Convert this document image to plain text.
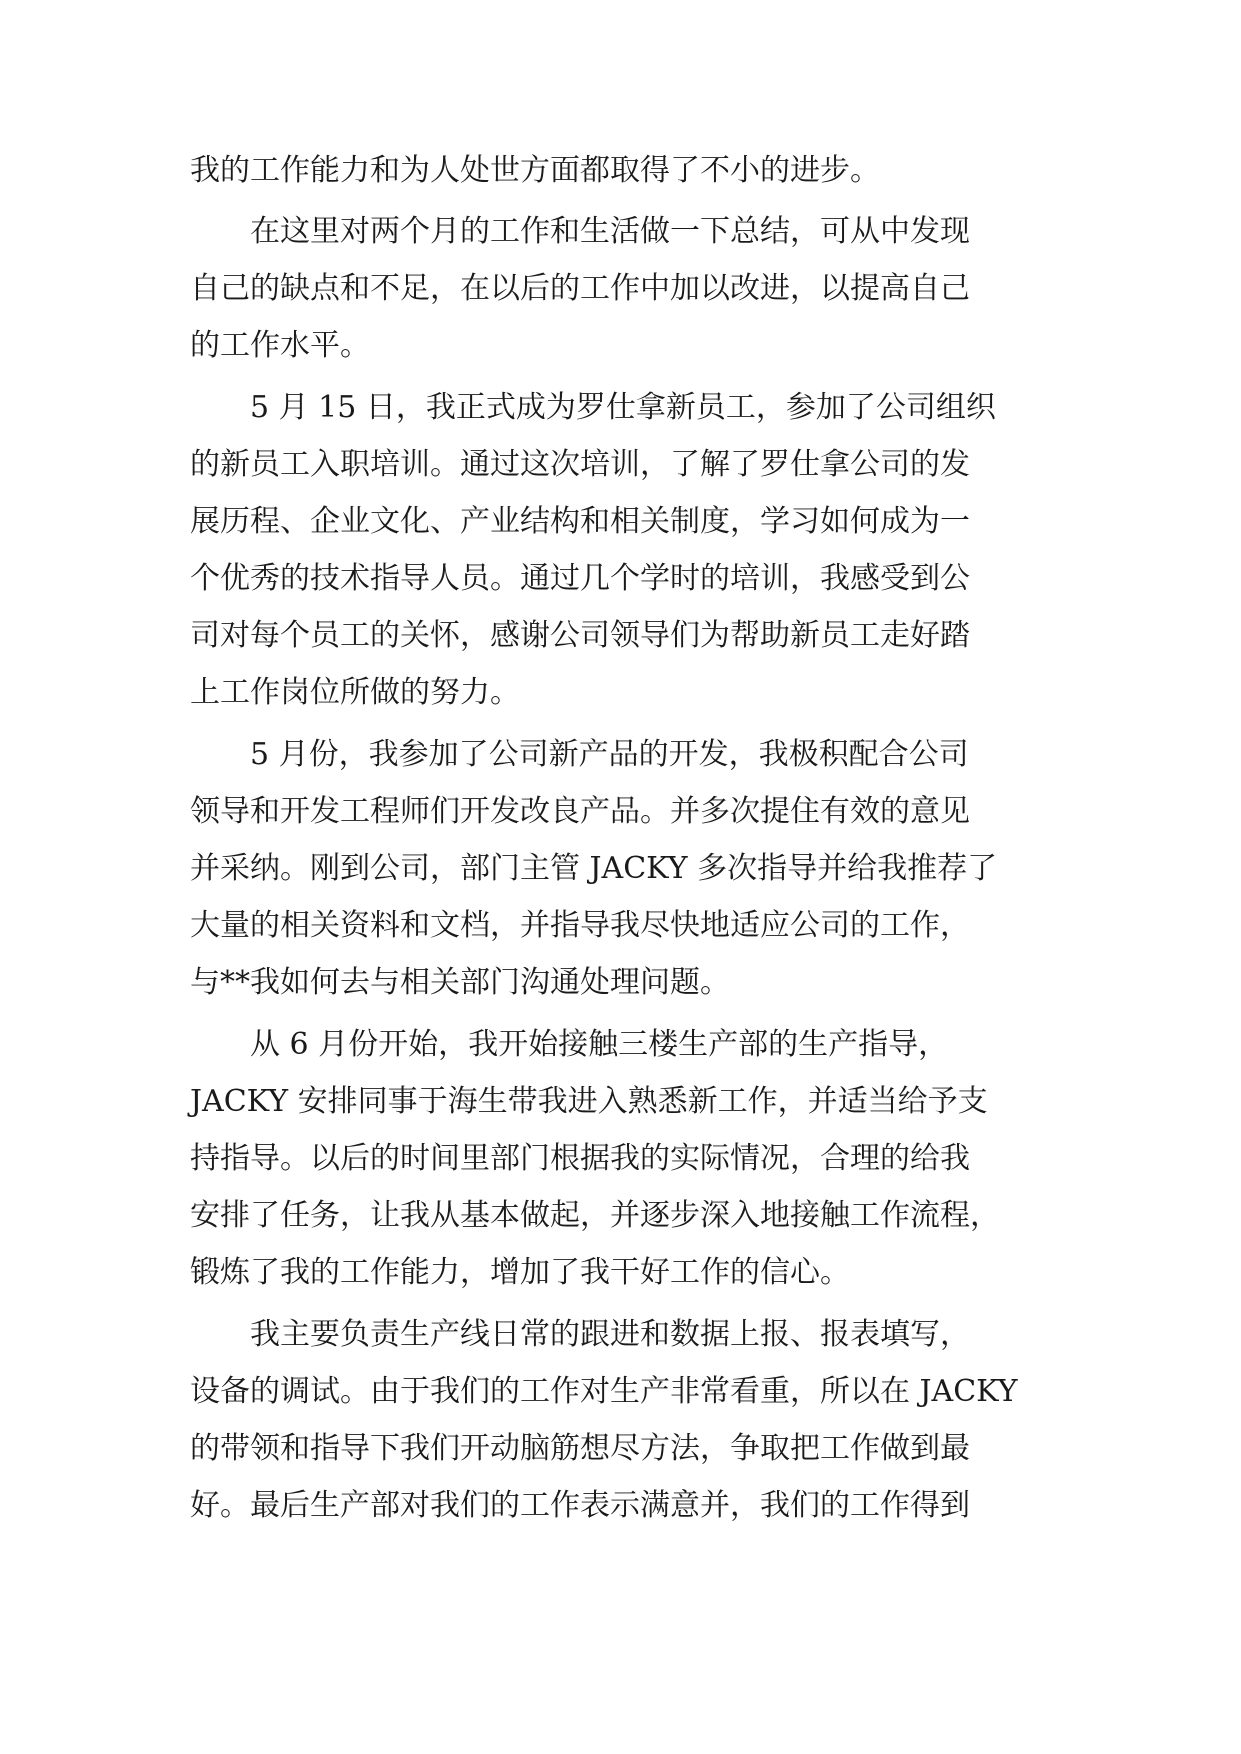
我的工作能力和为人处世方面都取得了不小的进步。
在这里对两个月的工作和生活做一下总结，可从中发现
自己的缺点和不足，在以后的工作中加以改进，以提高自己
的工作水平。
5 月 15 日，我正式成为罗仕拿新员工，参加了公司组织
的新员工入职培训。通过这次培训，了解了罗仕拿公司的发
展历程、企业文化、产业结构和相关制度，学习如何成为一
个优秀的技术指导人员。通过几个学时的培训，我感受到公
司对每个员工的关怀，感谢公司领导们为帮助新员工走好踏
上工作岗位所做的努力。
5 月份，我参加了公司新产品的开发，我极积配合公司
领导和开发工程师们开发改良产品。并多次提住有效的意见
并采纳。刚到公司，部门主管 JACKY 多次指导并给我推荐了
大量的相关资料和文档，并指导我尽快地适应公司的工作，
与**我如何去与相关部门沟通处理问题。
从 6 月份开始，我开始接触三楼生产部的生产指导，
JACKY 安排同事于海生带我进入熟悉新工作，并适当给予支
持指导。以后的时间里部门根据我的实际情况，合理的给我
安排了任务，让我从基本做起，并逐步深入地接触工作流程，
锻炼了我的工作能力，增加了我干好工作的信心。
我主要负责生产线日常的跟进和数据上报、报表填写，
设备的调试。由于我们的工作对生产非常看重，所以在 JACKY
的带领和指导下我们开动脑筋想尽方法，争取把工作做到最
好。最后生产部对我们的工作表示满意并，我们的工作得到
